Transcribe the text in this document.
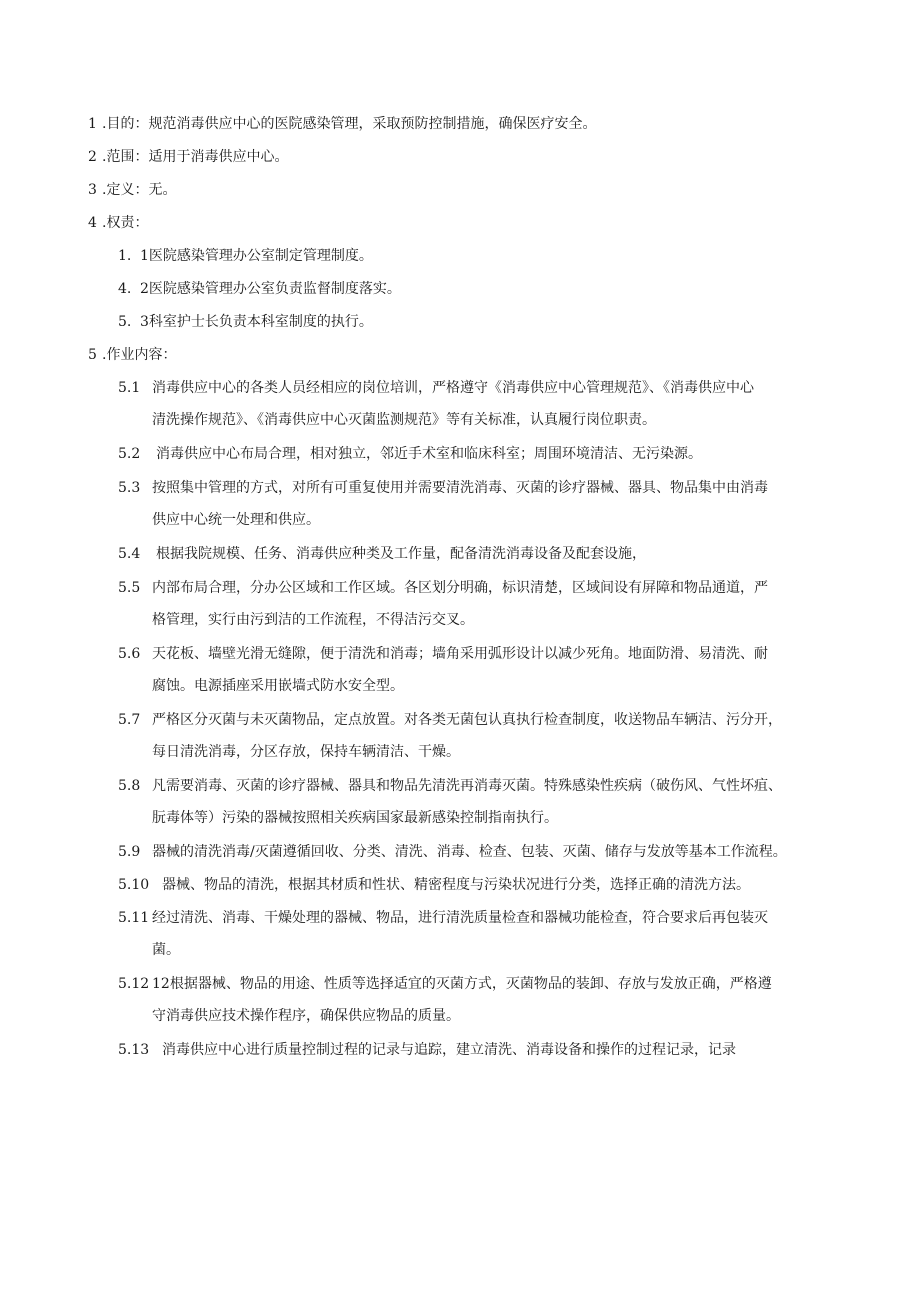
1 .目的：规范消毒供应中心的医院感染管理，采取预防控制措施，确保医疗安全。
2 .范围：适用于消毒供应中心。
3 .定义：无。
4 .权责：
1. 1医院感染管理办公室制定管理制度。
4. 2医院感染管理办公室负责监督制度落实。
5. 3科室护士长负责本科室制度的执行。
5 .作业内容：
5.1 消毒供应中心的各类人员经相应的岗位培训，严格遵守《消毒供应中心管理规范》、《消毒供应中心
清洗操作规范》、《消毒供应中心灭菌监测规范》等有关标准，认真履行岗位职责。
5.2 消毒供应中心布局合理，相对独立，邻近手术室和临床科室；周围环境清洁、无污染源。
5.3 按照集中管理的方式，对所有可重复使用并需要清洗消毒、灭菌的诊疗器械、器具、物品集中由消毒
供应中心统一处理和供应。
5.4 根据我院规模、任务、消毒供应种类及工作量，配备清洗消毒设备及配套设施，
5.5 内部布局合理，分办公区域和工作区域。各区划分明确，标识清楚，区域间设有屏障和物品通道，严
格管理，实行由污到洁的工作流程，不得洁污交叉。
5.6 天花板、墙壁光滑无缝隙，便于清洗和消毒；墙角采用弧形设计以减少死角。地面防滑、易清洗、耐
腐蚀。电源插座采用嵌墙式防水安全型。
5.7 严格区分灭菌与未灭菌物品，定点放置。对各类无菌包认真执行检查制度，收送物品车辆洁、污分开，
每日清洗消毒，分区存放，保持车辆清洁、干燥。
5.8 凡需要消毒、灭菌的诊疗器械、器具和物品先清洗再消毒灭菌。特殊感染性疾病（破伤风、气性坏疽、
朊毒体等）污染的器械按照相关疾病国家最新感染控制指南执行。
5.9 器械的清洗消毒/灭菌遵循回收、分类、清洗、消毒、检查、包装、灭菌、储存与发放等基本工作流程。
5.10 器械、物品的清洗，根据其材质和性状、精密程度与污染状况进行分类，选择正确的清洗方法。
5.11 经过清洗、消毒、干燥处理的器械、物品，进行清洗质量检查和器械功能检查，符合要求后再包装灭
菌。
5.12 12根据器械、物品的用途、性质等选择适宜的灭菌方式，灭菌物品的装卸、存放与发放正确，严格遵
守消毒供应技术操作程序，确保供应物品的质量。
5.13 消毒供应中心进行质量控制过程的记录与追踪，建立清洗、消毒设备和操作的过程记录，记录
